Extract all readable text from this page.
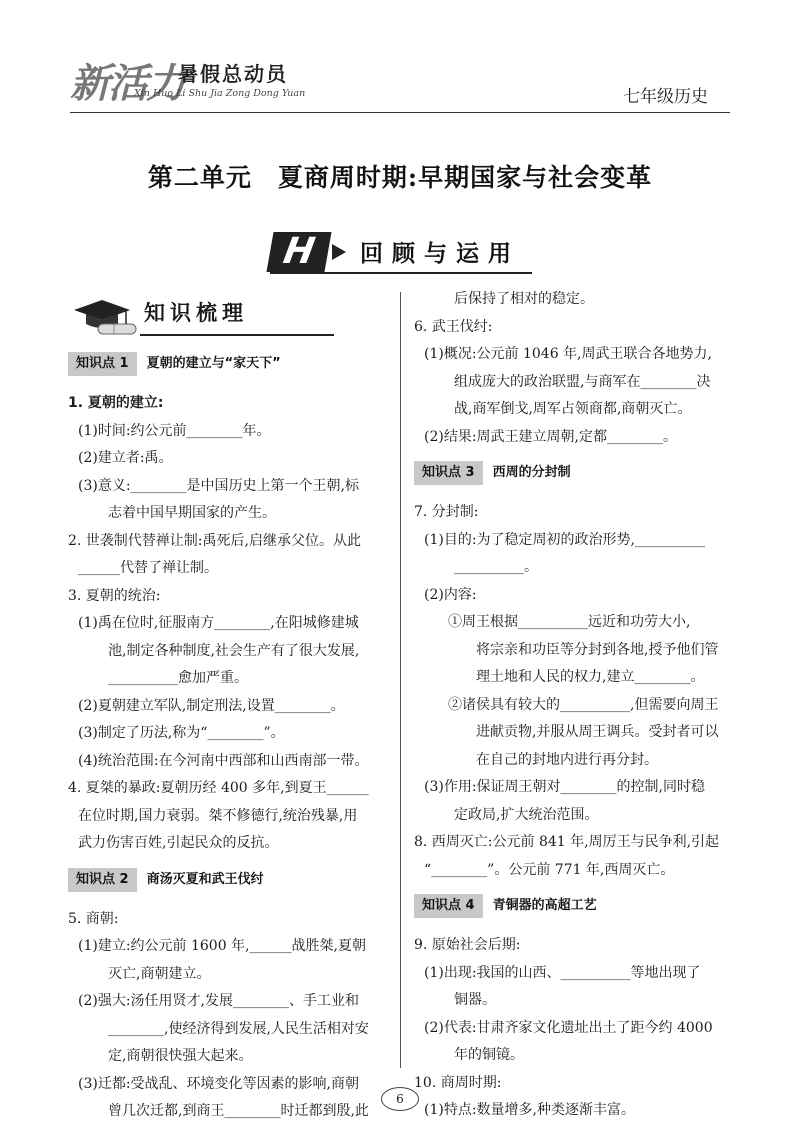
新活力
暑假总动员
Xin Huo Li Shu Jia Zong Dong Yuan	七年级历史
第二单元　夏商周时期:早期国家与社会变革
H	回顾与运用
知识梳理
知识点 1	夏朝的建立与“家天下”
1. 夏朝的建立:
(1)时间:约公元前________年。
(2)建立者:禹。
(3)意义:________是中国历史上第一个王朝,标
志着中国早期国家的产生。
2. 世袭制代替禅让制:禹死后,启继承父位。从此
______代替了禅让制。
3. 夏朝的统治:
(1)禹在位时,征服南方________,在阳城修建城
池,制定各种制度,社会生产有了很大发展,
__________愈加严重。
(2)夏朝建立军队,制定刑法,设置________。
(3)制定了历法,称为“________”。
(4)统治范围:在今河南中西部和山西南部一带。
4. 夏桀的暴政:夏朝历经 400 多年,到夏王______
在位时期,国力衰弱。桀不修德行,统治残暴,用
武力伤害百姓,引起民众的反抗。
知识点 2	商汤灭夏和武王伐纣
5. 商朝:
(1)建立:约公元前 1600 年,______战胜桀,夏朝
灭亡,商朝建立。
(2)强大:汤任用贤才,发展________、手工业和
________,使经济得到发展,人民生活相对安
定,商朝很快强大起来。
(3)迁都:受战乱、环境变化等因素的影响,商朝
曾几次迁都,到商王________时迁都到殷,此
后保持了相对的稳定。
6. 武王伐纣:
(1)概况:公元前 1046 年,周武王联合各地势力,
组成庞大的政治联盟,与商军在________决
战,商军倒戈,周军占领商都,商朝灭亡。
(2)结果:周武王建立周朝,定都________。
知识点 3	西周的分封制
7. 分封制:
(1)目的:为了稳定周初的政治形势,__________
__________。
(2)内容:
①周王根据__________远近和功劳大小,
将宗亲和功臣等分封到各地,授予他们管
理土地和人民的权力,建立________。
②诸侯具有较大的__________,但需要向周王
进献贡物,并服从周王调兵。受封者可以
在自己的封地内进行再分封。
(3)作用:保证周王朝对________的控制,同时稳
定政局,扩大统治范围。
8. 西周灭亡:公元前 841 年,周厉王与民争利,引起
“________”。公元前 771 年,西周灭亡。
知识点 4	青铜器的高超工艺
9. 原始社会后期:
(1)出现:我国的山西、__________等地出现了
铜器。
(2)代表:甘肃齐家文化遗址出土了距今约 4000
年的铜镜。
10. 商周时期:
(1)特点:数量增多,种类逐渐丰富。
6
